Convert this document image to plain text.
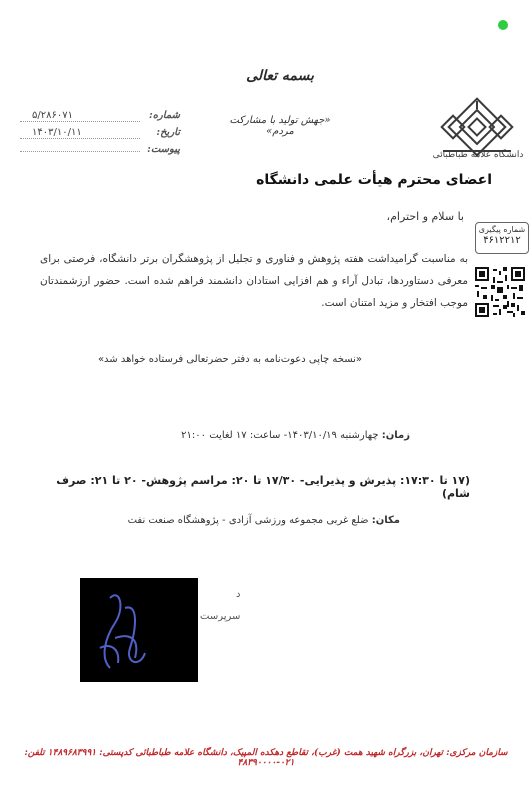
دانشگاه علامه طباطبائی
بسمه تعالی
«جهش تولید با مشارکت مردم»
شماره:
۵/۲۸۶۰۷۱
تاریخ:
۱۴۰۳/۱۰/۱۱
پیوست:
اعضای محترم هیأت علمی دانشگاه
با سلام و احترام،
شماره پیگیری
۴۶۱۲۲۱۲
به مناسبت گرامیداشت هفته پژوهش و فناوری و تجلیل از پژوهشگران برتر دانشگاه، فرصتی برای معرفی دستاوردها، تبادل آراء و هم افزایی استادان دانشمند فراهم شده است. حضور ارزشمندتان موجب افتخار و مزید امتنان است.
«نسخه چاپی دعوت‌نامه به دفتر حضرتعالی فرستاده خواهد شد»
زمان: چهارشنبه ۱۴۰۳/۱۰/۱۹- ساعت: ۱۷ لغایت ۲۱:۰۰
(۱۷ تا ۱۷:۳۰: پذیرش و پذیرایی- ۱۷/۳۰ تا ۲۰: مراسم پژوهش- ۲۰ تا ۲۱: صرف شام)
مکان: ضلع غربی مجموعه ورزشی آزادی - پژوهشگاه صنعت نفت
د
سرپرست
سازمان مرکزی: تهران، بزرگراه شهید همت (غرب)، تقاطع دهکده المپیک، دانشگاه علامه طباطبائی کدپستی: ۱۴۸۹۶۸۳۹۹۱ تلفن: ۰۲۱-۴۸۳۹۰۰۰۰
